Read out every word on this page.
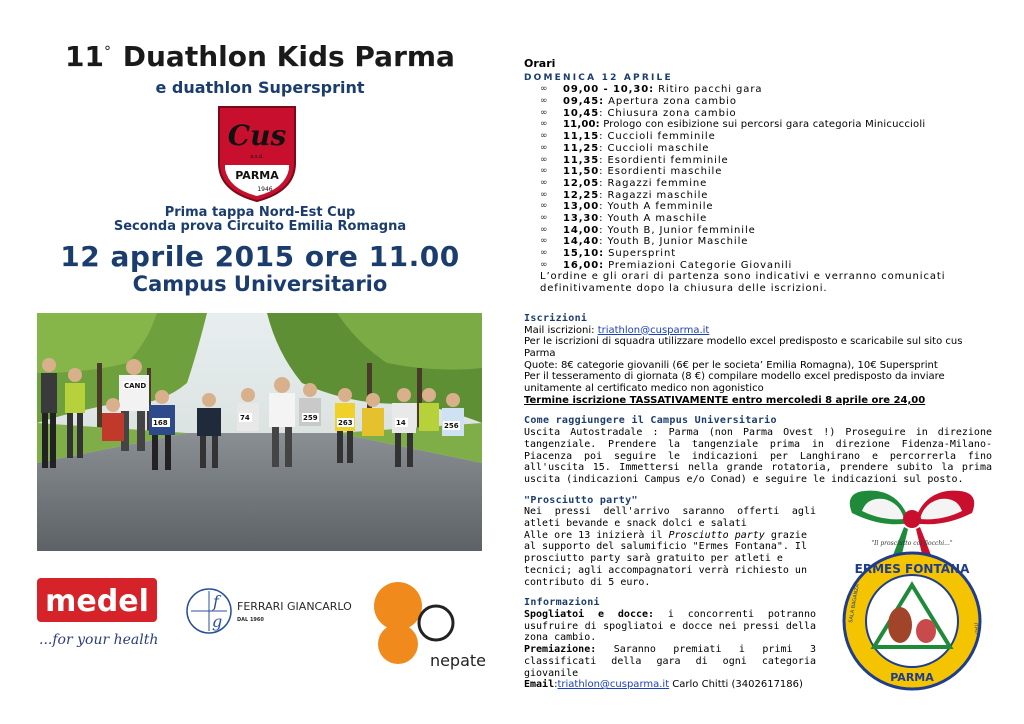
11° Duathlon Kids Parma
e duathlon Supersprint
Cus
a.s.d.
PARMA
1946
Prima tappa Nord-Est Cup
Seconda prova Circuito Emilia Romagna
12 aprile 2015 ore 11.00
Campus Universitario
168
CAND
259
263	14	256
74
medel
...for your health
f
g
FERRARI GIANCARLO
DAL 1960
nepate
Orari
DOMENICA 12 APRILE
∞ 09,00 - 10,30: Ritiro pacchi gara
∞ 09,45: Apertura zona cambio
∞ 10,45: Chiusura zona cambio
∞ 11,00: Prologo con esibizione sui percorsi gara categoria Minicuccioli
∞ 11,15: Cuccioli femminile
∞ 11,25: Cuccioli maschile
∞ 11,35: Esordienti femminile
∞ 11,50: Esordienti maschile
∞ 12,05: Ragazzi femmine
∞ 12,25: Ragazzi maschile
∞ 13,00: Youth A femminile
∞ 13,30: Youth A maschile
∞ 14,00: Youth B, Junior femminile
∞ 14,40: Youth B, Junior Maschile
∞ 15,10: Supersprint
∞ 16,00: Premiazioni Categorie Giovanili
L’ordine e gli orari di partenza sono indicativi e verranno comunicati definitivamente dopo la chiusura delle iscrizioni.
Iscrizioni
Mail iscrizioni: triathlon@cusparma.it
Per le iscrizioni di squadra utilizzare modello excel predisposto e scaricabile sul sito cus Parma
Quote: 8€ categorie giovanili (6€ per le societa’ Emilia Romagna), 10€ Supersprint
Per il tesseramento di giornata (8 €) compilare modello excel predisposto da inviare unitamente al certificato medico non agonistico
Termine iscrizione TASSATIVAMENTE entro mercoledi 8 aprile ore 24,00
Come raggiungere il Campus Universitario
Uscita Autostradale : Parma (non Parma Ovest !) Proseguire in direzione tangenziale. Prendere la tangenziale prima in direzione Fidenza-Milano-Piacenza poi seguire le indicazioni per Langhirano e percorrerla fino all'uscita 15. Immettersi nella grande rotatoria, prendere subito la prima uscita (indicazioni Campus e/o Conad) e seguire le indicazioni sul posto.
"Prosciutto party"
Nei pressi dell'arrivo saranno offerti agli atleti bevande e snack dolci e salati
Alle ore 13 inizierà il Prosciutto party grazie al supporto del salumificio "Ermes Fontana". Il prosciutto party sarà gratuito per atleti e tecnici; agli accompagnatori verrà richiesto un contributo di 5 euro.
Informazioni
Spogliatoi e docce: i concorrenti potranno usufruire di spogliatoi e docce nei pressi della zona cambio.
Premiazione: Saranno premiati i primi 3 classificati della gara di ogni categoria giovanile
Email:triathlon@cusparma.it Carlo Chitti (3402617186)
"Il prosciutto coi fiocchi..."
ERMES FONTANA
PARMA
SALA BAGANZA
ITALY
